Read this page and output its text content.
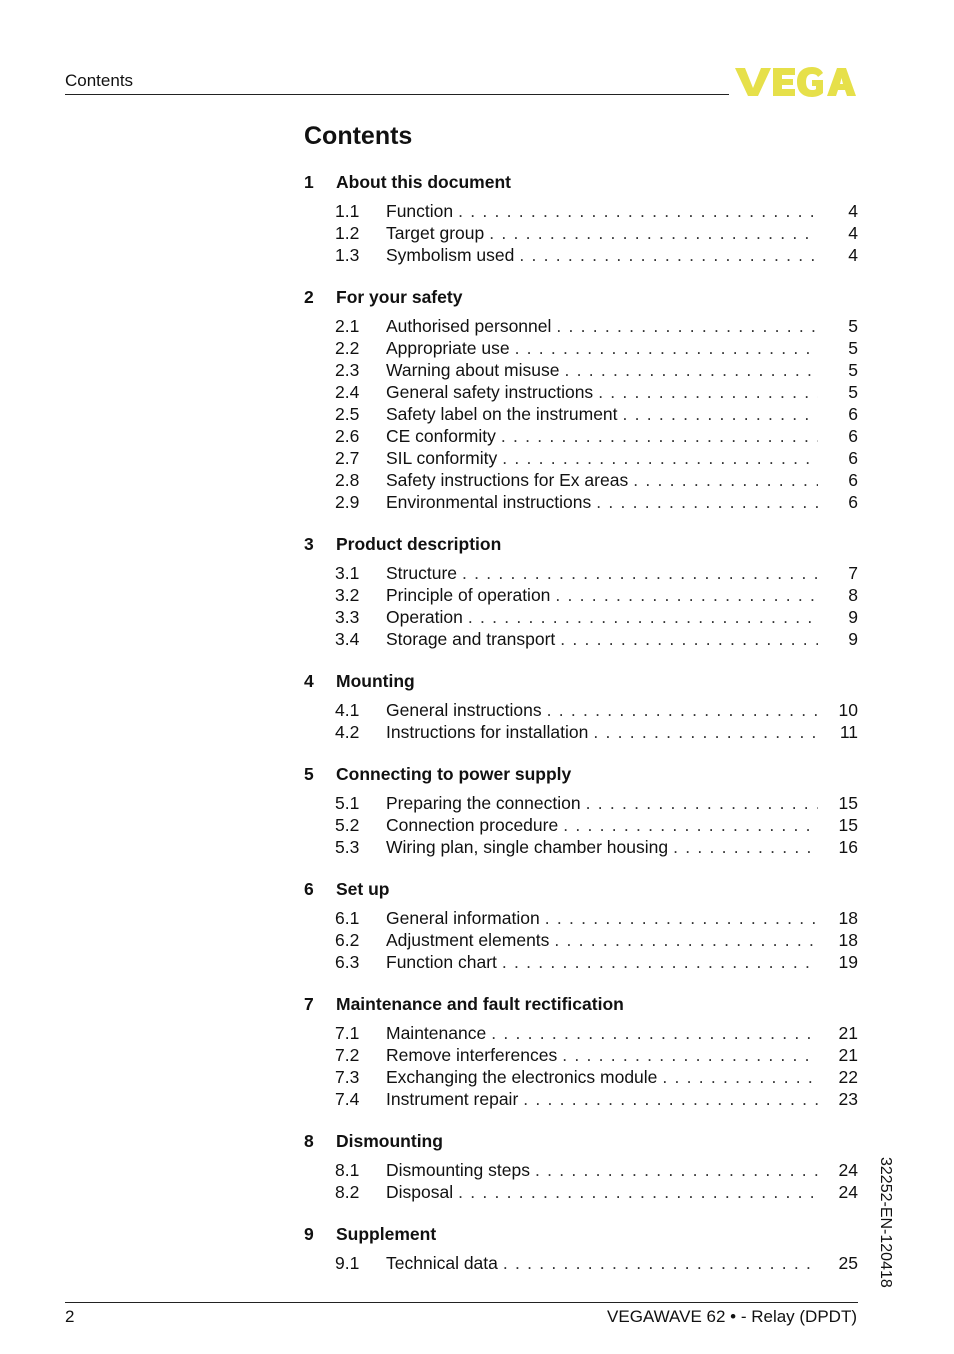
Contents
Contents
1	About this document
1.1	Function . . .	4
1.2	Target group . . .	4
1.3	Symbolism used . . .	4
2	For your safety
2.1	Authorised personnel . . .	5
2.2	Appropriate use . . .	5
2.3	Warning about misuse . . .	5
2.4	General safety instructions . . .	5
2.5	Safety label on the instrument . . .	6
2.6	CE conformity . . .	6
2.7	SIL conformity . . .	6
2.8	Safety instructions for Ex areas . . .	6
2.9	Environmental instructions . . .	6
3	Product description
3.1	Structure . . .	7
3.2	Principle of operation . . .	8
3.3	Operation . . .	9
3.4	Storage and transport . . .	9
4	Mounting
4.1	General instructions . . .	10
4.2	Instructions for installation . . .	11
5	Connecting to power supply
5.1	Preparing the connection . . .	15
5.2	Connection procedure . . .	15
5.3	Wiring plan, single chamber housing . . .	16
6	Set up
6.1	General information . . .	18
6.2	Adjustment elements . . .	18
6.3	Function chart . . .	19
7	Maintenance and fault rectification
7.1	Maintenance . . .	21
7.2	Remove interferences . . .	21
7.3	Exchanging the electronics module . . .	22
7.4	Instrument repair . . .	23
8	Dismounting
8.1	Dismounting steps . . .	24
8.2	Disposal . . .	24
9	Supplement
9.1	Technical data . . .	25	32252-EN-120418
2	VEGAWAVE 62 • - Relay (DPDT)
